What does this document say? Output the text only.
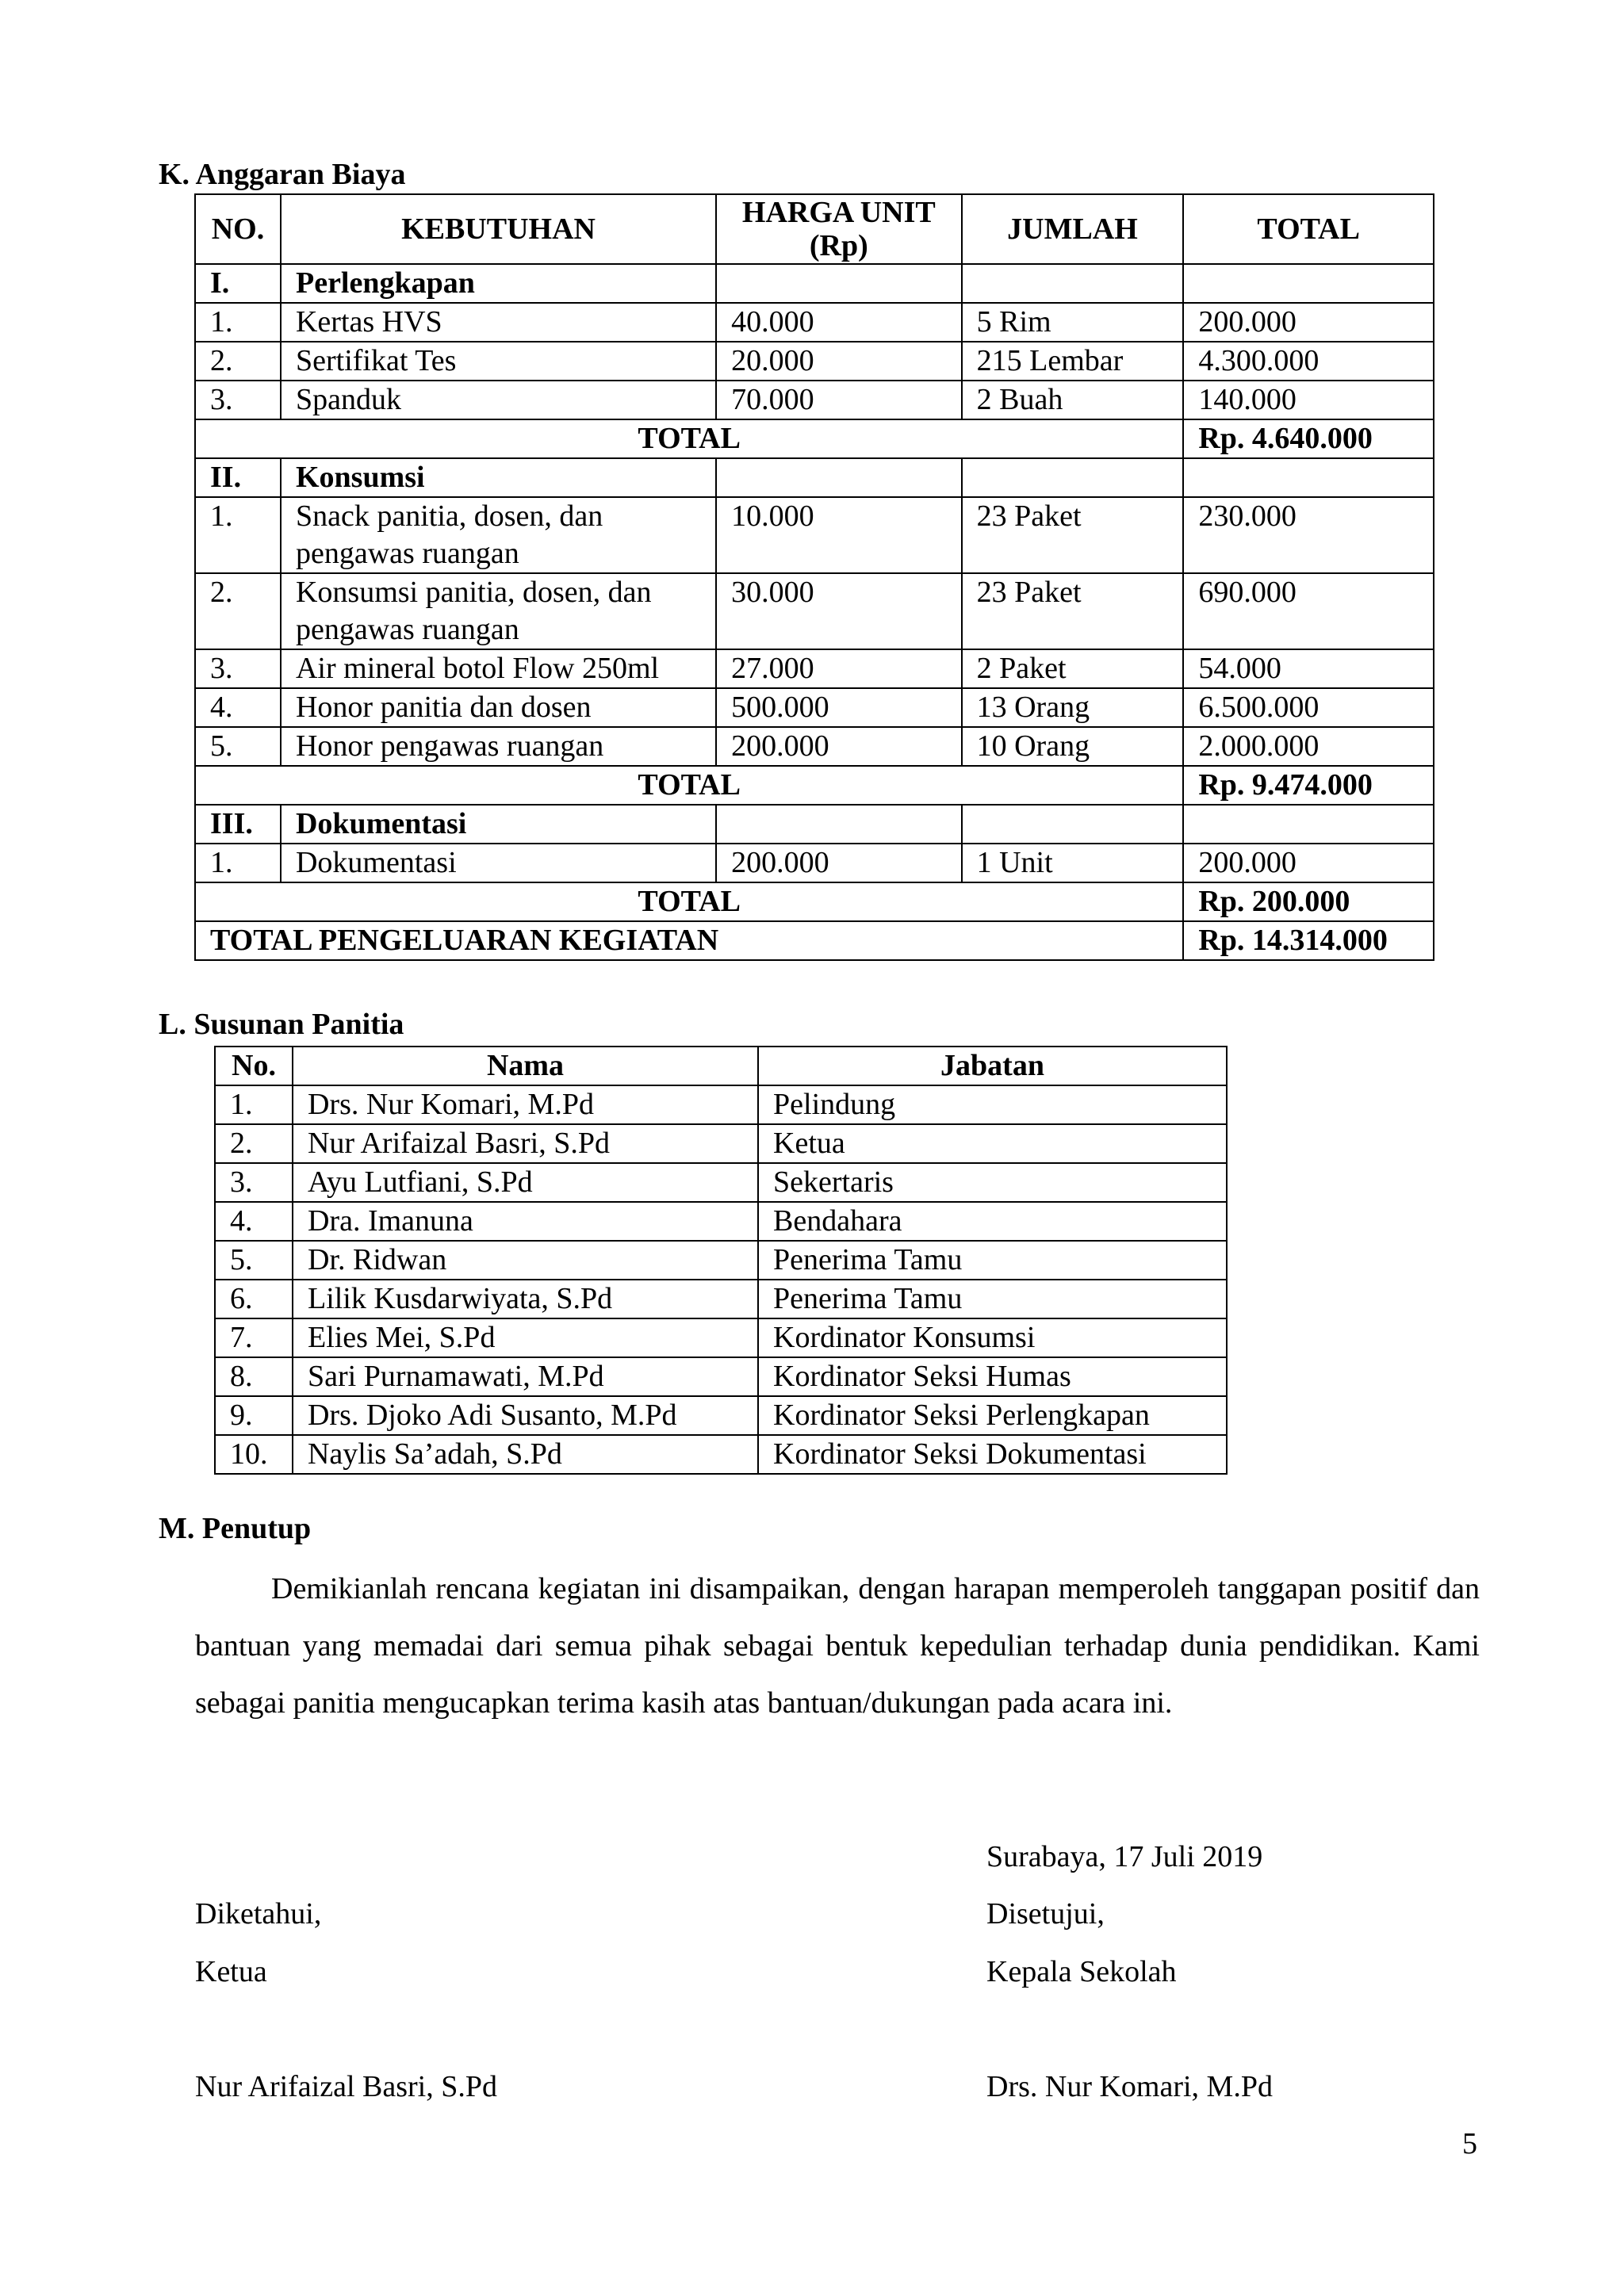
K. Anggaran Biaya
NO.	KEBUTUHAN	HARGA UNIT (Rp)	JUMLAH	TOTAL
I.	Perlengkapan			
1.	Kertas HVS	40.000	5 Rim	200.000
2.	Sertifikat Tes	20.000	215 Lembar	4.300.000
3.	Spanduk	70.000	2 Buah	140.000
TOTAL				Rp. 4.640.000
II.	Konsumsi			
1.	Snack panitia, dosen, dan pengawas ruangan	10.000	23 Paket	230.000
2.	Konsumsi panitia, dosen, dan pengawas ruangan	30.000	23 Paket	690.000
3.	Air mineral botol Flow 250ml	27.000	2 Paket	54.000
4.	Honor panitia dan dosen	500.000	13 Orang	6.500.000
5.	Honor pengawas ruangan	200.000	10 Orang	2.000.000
TOTAL				Rp. 9.474.000
III.	Dokumentasi			
1.	Dokumentasi	200.000	1 Unit	200.000
TOTAL				Rp. 200.000
TOTAL PENGELUARAN KEGIATAN				Rp. 14.314.000
L. Susunan Panitia
No.	Nama	Jabatan
1.	Drs. Nur Komari, M.Pd	Pelindung
2.	Nur Arifaizal Basri, S.Pd	Ketua
3.	Ayu Lutfiani, S.Pd	Sekertaris
4.	Dra. Imanuna	Bendahara
5.	Dr. Ridwan	Penerima Tamu
6.	Lilik Kusdarwiyata, S.Pd	Penerima Tamu
7.	Elies Mei, S.Pd	Kordinator Konsumsi
8.	Sari Purnamawati, M.Pd	Kordinator Seksi Humas
9.	Drs. Djoko Adi Susanto, M.Pd	Kordinator Seksi Perlengkapan
10.	Naylis Sa’adah, S.Pd	Kordinator Seksi Dokumentasi
M. Penutup
Demikianlah rencana kegiatan ini disampaikan, dengan harapan memperoleh tanggapan positif dan bantuan yang memadai dari semua pihak sebagai bentuk kepedulian terhadap dunia pendidikan. Kami sebagai panitia mengucapkan terima kasih atas bantuan/dukungan pada acara ini.
Surabaya, 17 Juli 2019
Diketahui,	Disetujui,
Ketua	Kepala Sekolah
Nur Arifaizal Basri, S.Pd	Drs. Nur Komari, M.Pd
5
